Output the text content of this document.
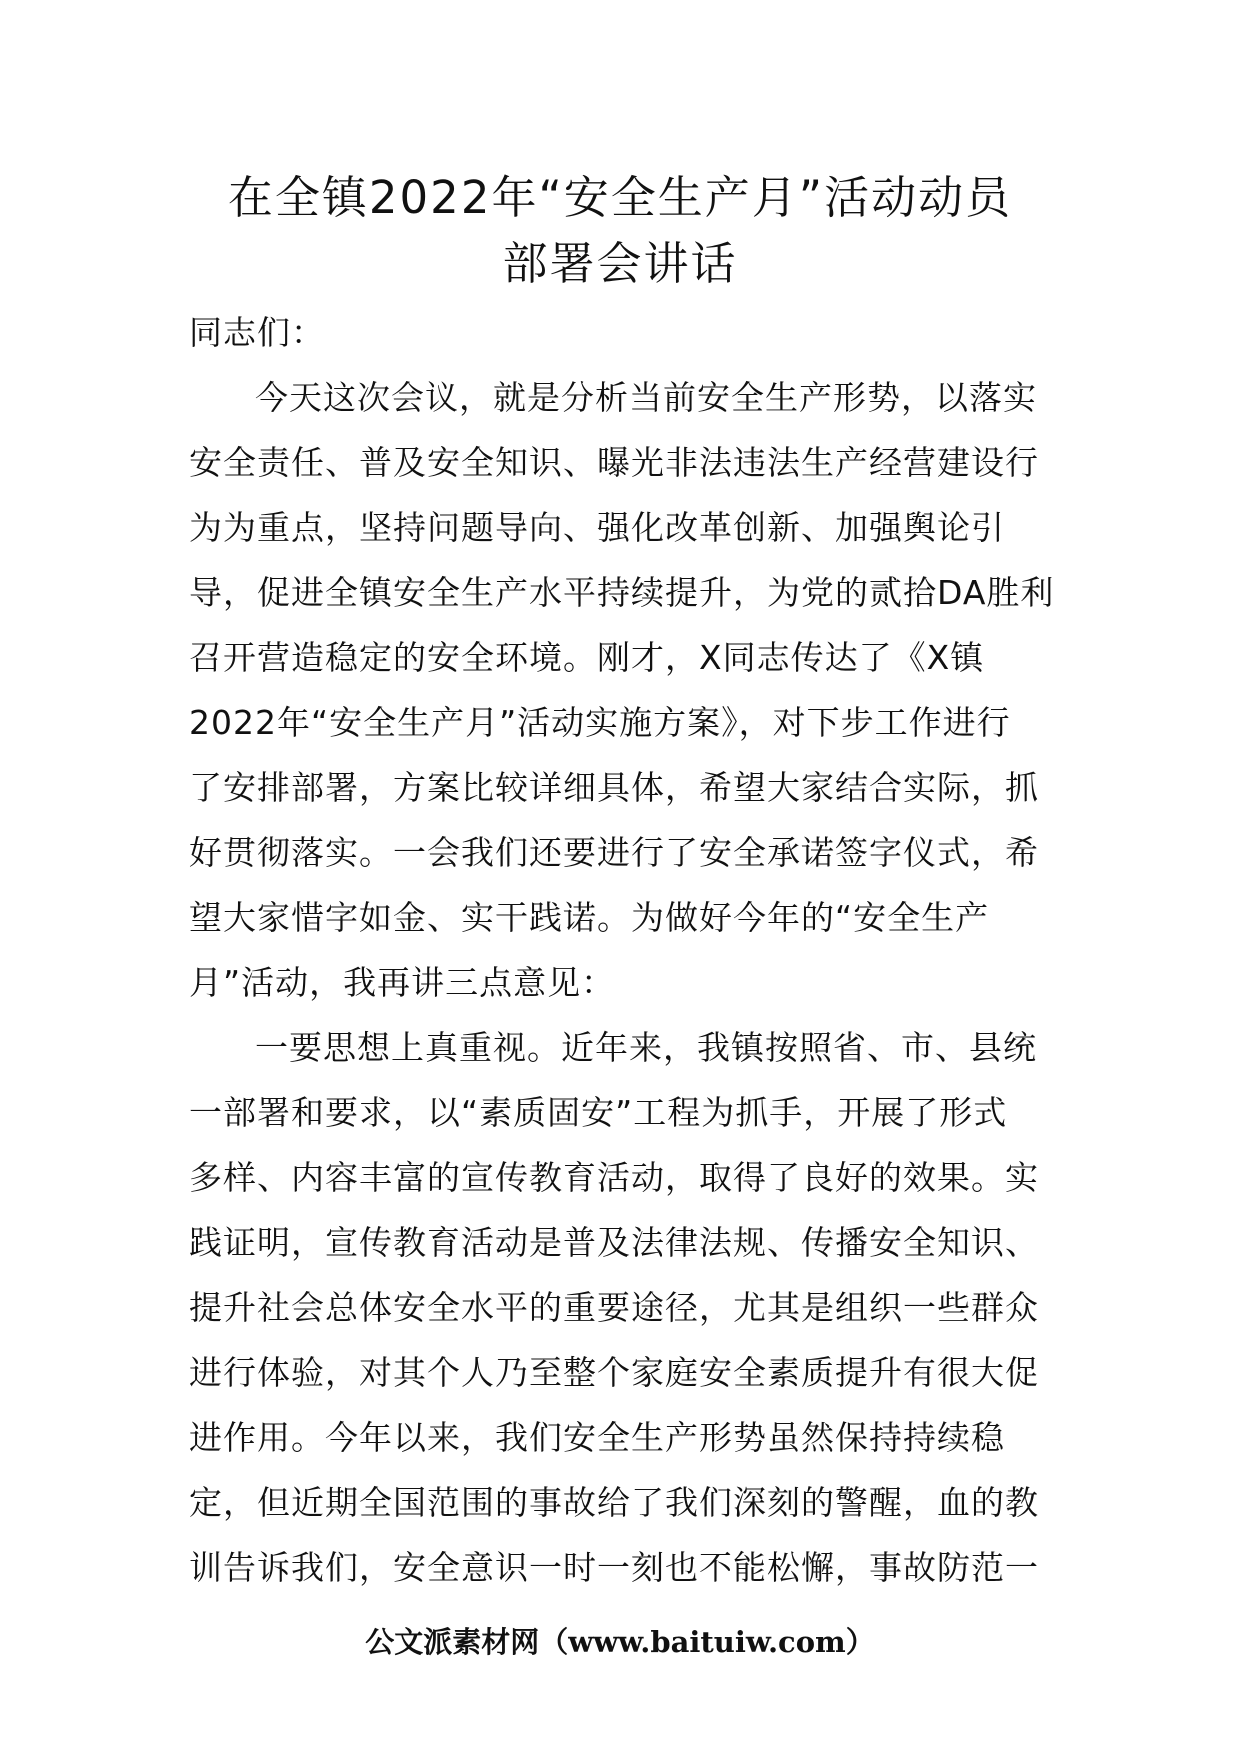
在全镇2022年“安全生产月”活动动员
部署会讲话
同志们：
今天这次会议，就是分析当前安全生产形势，以落实
安全责任、普及安全知识、曝光非法违法生产经营建设行
为为重点，坚持问题导向、强化改革创新、加强舆论引
导，促进全镇安全生产水平持续提升，为党的贰拾DA胜利
召开营造稳定的安全环境。刚才，X同志传达了《X镇
2022年“安全生产月”活动实施方案》，对下步工作进行
了安排部署，方案比较详细具体，希望大家结合实际，抓
好贯彻落实。一会我们还要进行了安全承诺签字仪式，希
望大家惜字如金、实干践诺。为做好今年的“安全生产
月”活动，我再讲三点意见：
一要思想上真重视。近年来，我镇按照省、市、县统
一部署和要求，以“素质固安”工程为抓手，开展了形式
多样、内容丰富的宣传教育活动，取得了良好的效果。实
践证明，宣传教育活动是普及法律法规、传播安全知识、
提升社会总体安全水平的重要途径，尤其是组织一些群众
进行体验，对其个人乃至整个家庭安全素质提升有很大促
进作用。今年以来，我们安全生产形势虽然保持持续稳
定，但近期全国范围的事故给了我们深刻的警醒，血的教
训告诉我们，安全意识一时一刻也不能松懈，事故防范一
公文派素材网（www.baituiw.com）
